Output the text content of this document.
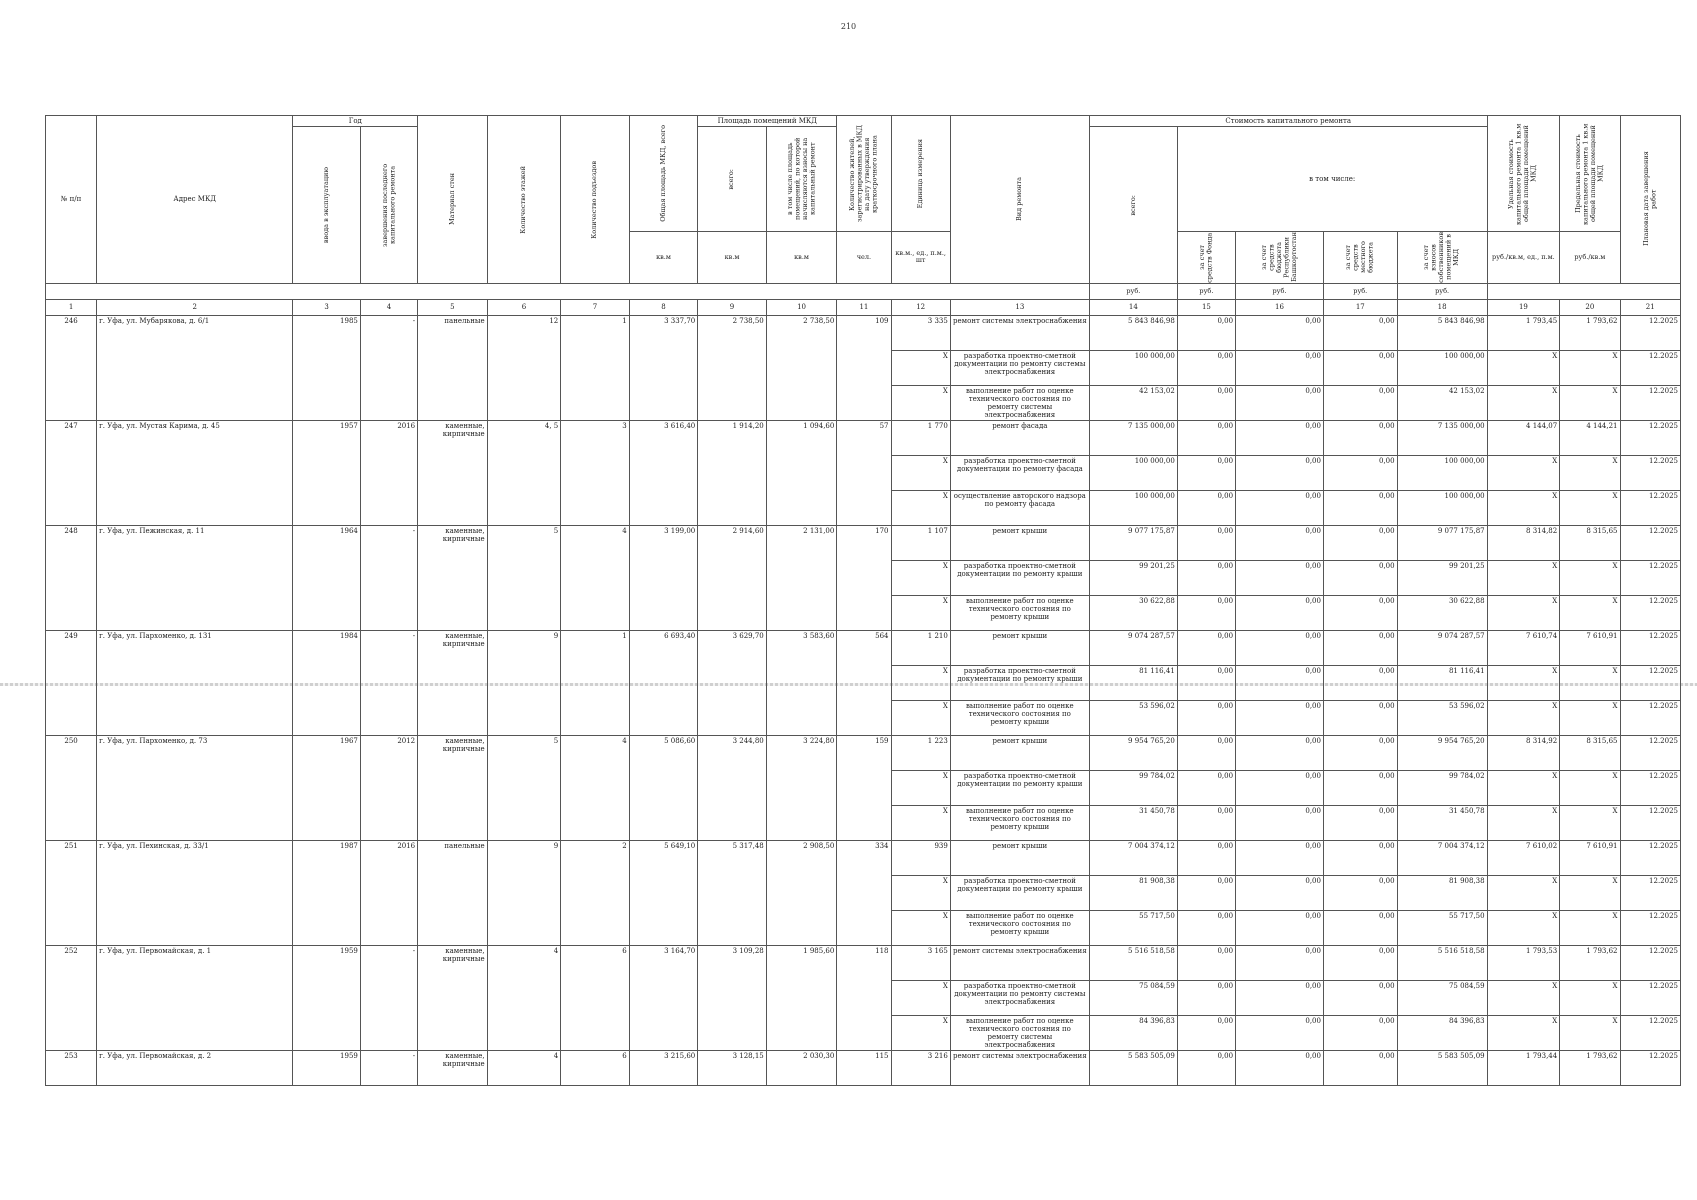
210
№ п/п	Адрес МКД	Год		Материал стен	Количество этажей	Количество подъездов	Общая площадь МКД, всего	Площадь помещений МКД		Количество жителей, зарегистрированных в МКД на дату утверждения краткосрочного плана	Единица измерения	Вид ремонта	Стоимость капитального ремонта					Удельная стоимость капитального ремонта 1 кв.м общей площади помещений МКД	Предельная стоимость капитального ремонта 1 кв.м общей площади помещений МКД	Плановая дата завершения работ

		ввода в эксплуатацию	завершения последнего капитального ремонта					всего:	в том числе площадь помещений, по которой начисляются взносы на капитальный ремонт				всего:	в том числе:						
							кв.м	кв.м	кв.м	чел.	кв.м., ед., п.м., шт			за счет средств Фонда	за счет средств бюджета Республики Башкортостан	за счет средств местного бюджета	за счет взносов собственников помещений в МКД	руб./кв.м, ед., п.м.	руб./кв.м	
													руб.	руб.	руб.	руб.	руб.			
1	2	3	4	5	6	7	8	9	10	11	12	13	14	15	16	17	18	19	20	21
246	г. Уфа, ул. Мубарякова, д. 6/1	1985	-	панельные	12	1	3 337,70	2 738,50	2 738,50	109	3 335	ремонт системы электроснабжения	5 843 846,98	0,00	0,00	0,00	5 843 846,98	1 793,45	1 793,62	12.2025
											X	разработка проектно-сметной документации по ремонту системы электроснабжения	100 000,00	0,00	0,00	0,00	100 000,00	X	X	12.2025
											X	выполнение работ по оценке технического состояния по ремонту системы электроснабжения	42 153,02	0,00	0,00	0,00	42 153,02	X	X	12.2025
247	г. Уфа, ул. Мустая Карима, д. 45	1957	2016	каменные, кирпичные	4, 5	3	3 616,40	1 914,20	1 094,60	57	1 770	ремонт фасада	7 135 000,00	0,00	0,00	0,00	7 135 000,00	4 144,07	4 144,21	12.2025
											X	разработка проектно-сметной документации по ремонту фасада	100 000,00	0,00	0,00	0,00	100 000,00	X	X	12.2025
											X	осуществление авторского надзора по ремонту фасада	100 000,00	0,00	0,00	0,00	100 000,00	X	X	12.2025
248	г. Уфа, ул. Пежинская, д. 11	1964	-	каменные, кирпичные	5	4	3 199,00	2 914,60	2 131,00	170	1 107	ремонт крыши	9 077 175,87	0,00	0,00	0,00	9 077 175,87	8 314,82	8 315,65	12.2025
											X	разработка проектно-сметной документации по ремонту крыши	99 201,25	0,00	0,00	0,00	99 201,25	X	X	12.2025
											X	выполнение работ по оценке технического состояния по ремонту крыши	30 622,88	0,00	0,00	0,00	30 622,88	X	X	12.2025
249	г. Уфа, ул. Пархоменко, д. 131	1984	-	каменные, кирпичные	9	1	6 693,40	3 629,70	3 583,60	564	1 210	ремонт крыши	9 074 287,57	0,00	0,00	0,00	9 074 287,57	7 610,74	7 610,91	12.2025
											X	разработка проектно-сметной документации по ремонту крыши	81 116,41	0,00	0,00	0,00	81 116,41	X	X	12.2025
											X	выполнение работ по оценке технического состояния по ремонту крыши	53 596,02	0,00	0,00	0,00	53 596,02	X	X	12.2025
250	г. Уфа, ул. Пархоменко, д. 73	1967	2012	каменные, кирпичные	5	4	5 086,60	3 244,80	3 224,80	159	1 223	ремонт крыши	9 954 765,20	0,00	0,00	0,00	9 954 765,20	8 314,92	8 315,65	12.2025
											X	разработка проектно-сметной документации по ремонту крыши	99 784,02	0,00	0,00	0,00	99 784,02	X	X	12.2025
											X	выполнение работ по оценке технического состояния по ремонту крыши	31 450,78	0,00	0,00	0,00	31 450,78	X	X	12.2025
251	г. Уфа, ул. Пехинская, д. 33/1	1987	2016	панельные	9	2	5 649,10	5 317,48	2 908,50	334	939	ремонт крыши	7 004 374,12	0,00	0,00	0,00	7 004 374,12	7 610,02	7 610,91	12.2025
											X	разработка проектно-сметной документации по ремонту крыши	81 908,38	0,00	0,00	0,00	81 908,38	X	X	12.2025
											X	выполнение работ по оценке технического состояния по ремонту крыши	55 717,50	0,00	0,00	0,00	55 717,50	X	X	12.2025
252	г. Уфа, ул. Первомайская, д. 1	1959	-	каменные, кирпичные	4	6	3 164,70	3 109,28	1 985,60	118	3 165	ремонт системы электроснабжения	5 516 518,58	0,00	0,00	0,00	5 516 518,58	1 793,53	1 793,62	12.2025
											X	разработка проектно-сметной документации по ремонту системы электроснабжения	75 084,59	0,00	0,00	0,00	75 084,59	X	X	12.2025
											X	выполнение работ по оценке технического состояния по ремонту системы электроснабжения	84 396,83	0,00	0,00	0,00	84 396,83	X	X	12.2025
253	г. Уфа, ул. Первомайская, д. 2	1959	-	каменные, кирпичные	4	6	3 215,60	3 128,15	2 030,30	115	3 216	ремонт системы электроснабжения	5 583 505,09	0,00	0,00	0,00	5 583 505,09	1 793,44	1 793,62	12.2025
